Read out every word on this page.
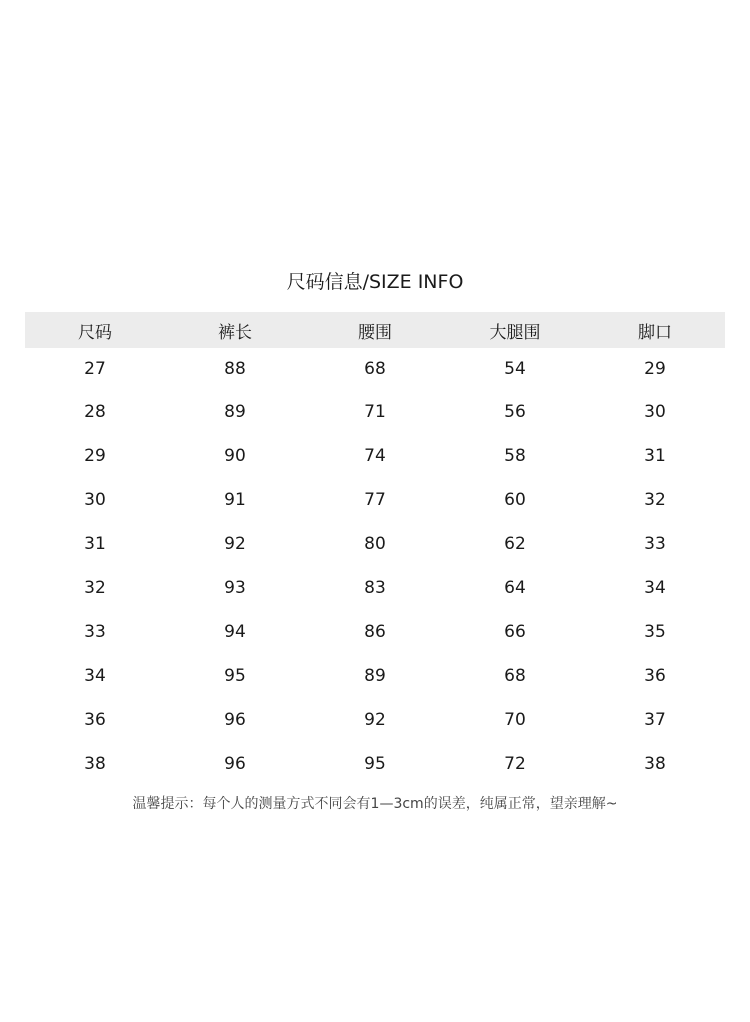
尺码信息/SIZE INFO
尺码	裤长	腰围	大腿围	脚口
27	88	68	54	29
28	89	71	56	30
29	90	74	58	31
30	91	77	60	32
31	92	80	62	33
32	93	83	64	34
33	94	86	66	35
34	95	89	68	36
36	96	92	70	37
38	96	95	72	38
温馨提示：每个人的测量方式不同会有1—3cm的误差，纯属正常，望亲理解~
